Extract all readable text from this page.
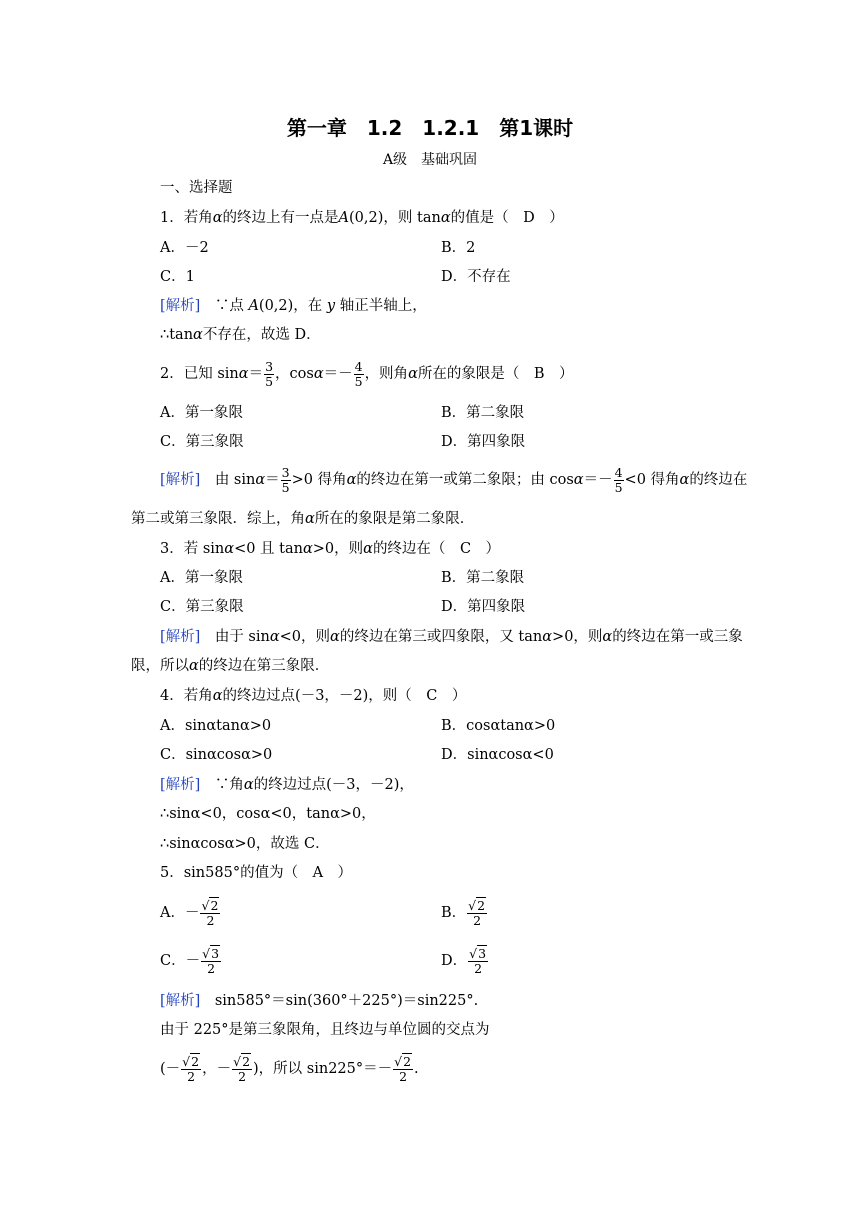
第一章　1.2　1.2.1　第1课时
A级　基础巩固
一、选择题
1．若角α的终边上有一点是A(0,2)，则 tanα的值是（　D　）
A．－2	B．2
C．1	D．不存在
[解析]　 ∵点 A(0,2)，在 y 轴正半轴上，
∴tanα不存在，故选 D．
2．已知 $\sin\alpha= \frac{3}{5}$ ，$\cos\alpha=- \frac{4}{5}$ ，则角α所在的象限是（　B　）
A．第一象限	B．第二象限
C．第三象限	D．第四象限
[解析]　 由 $\sin\alpha= \frac{3}{5} >0$ 得角α的终边在第一或第二象限；由 $\cos\alpha=- \frac{4}{5} <0$ 得角α的终边在
第二或第三象限．综上，角α所在的象限是第二象限．
3．若 sinα<0 且 tanα>0，则α的终边在（　C　）
A．第一象限	B．第二象限
C．第三象限	D．第四象限
[解析]　 由于 sinα<0，则α的终边在第三或四象限，又 tanα>0，则α的终边在第一或三象
限，所以α的终边在第三象限．
4．若角α的终边过点(－3，－2)，则（　C　）
A．sinαtanα>0	B．cosαtanα>0
C．sinαcosα>0	D．sinαcosα<0
[解析]　 ∵角α的终边过点(－3，－2)，
∴sinα<0，cosα<0，tanα>0，
∴sinαcosα>0，故选 C．
5．sin585°的值为（　A　）
A．－ $\frac{√2}{2}$	B． $\frac{√2}{2}$
C．－ $\frac{√3}{2}$	D． $\frac{√3}{2}$
[解析]　 sin585°＝sin(360°＋225°)＝sin225°.
由于 225°是第三象限角，且终边与单位圆的交点为
(－ $\frac{√2}{2}$ ，－ $\frac{√2}{2}$ )，所以 $\sin 225^\circ=- \frac{√2}{2}$ .
